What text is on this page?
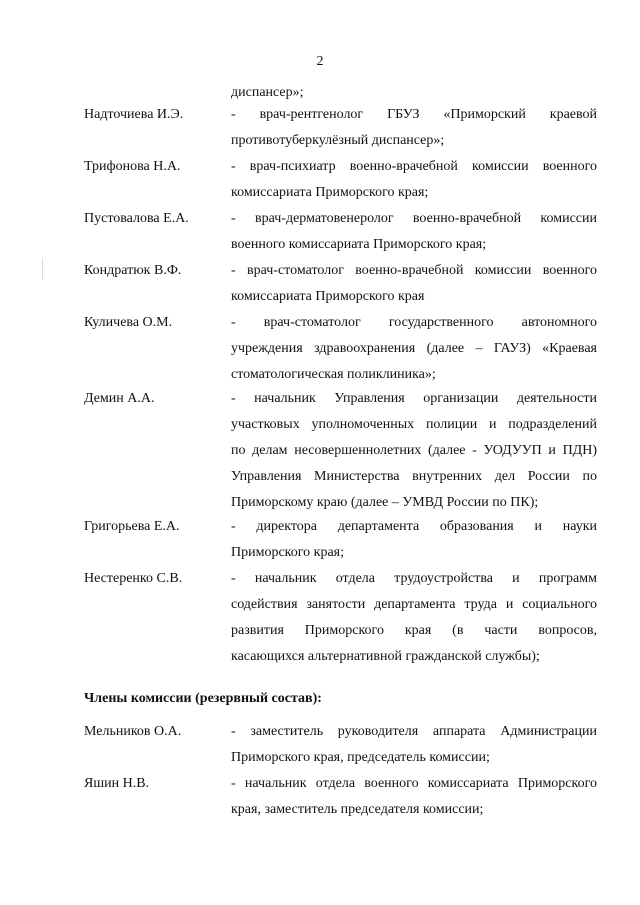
2
диспансер»;
Надточиева И.Э.	- врач-рентгенолог ГБУЗ «Приморский краевой
противотуберкулёзный диспансер»;
Трифонова Н.А.	- врач-психиатр военно-врачебной комиссии военного
комиссариата Приморского края;
Пустовалова Е.А.	- врач-дерматовенеролог военно-врачебной комиссии
военного комиссариата Приморского края;
Кондратюк В.Ф.	- врач-стоматолог военно-врачебной комиссии военного
комиссариата Приморского края
Куличева О.М.	- врач-стоматолог государственного автономного
учреждения здравоохранения (далее – ГАУЗ) «Краевая
стоматологическая поликлиника»;
Демин А.А.	- начальник Управления организации деятельности
участковых уполномоченных полиции и подразделений
по делам несовершеннолетних (далее - УОДУУП и ПДН)
Управления Министерства внутренних дел России по
Приморскому краю (далее – УМВД России по ПК);
Григорьева Е.А.	- директора департамента образования и науки
Приморского края;
Нестеренко С.В.	- начальник отдела трудоустройства и программ
содействия занятости департамента труда и социального
развития Приморского края (в части вопросов,
касающихся альтернативной гражданской службы);
Члены комиссии (резервный состав):
Мельников О.А.	- заместитель руководителя аппарата Администрации
Приморского края, председатель комиссии;
Яшин Н.В.	- начальник отдела военного комиссариата Приморского
края, заместитель председателя комиссии;
